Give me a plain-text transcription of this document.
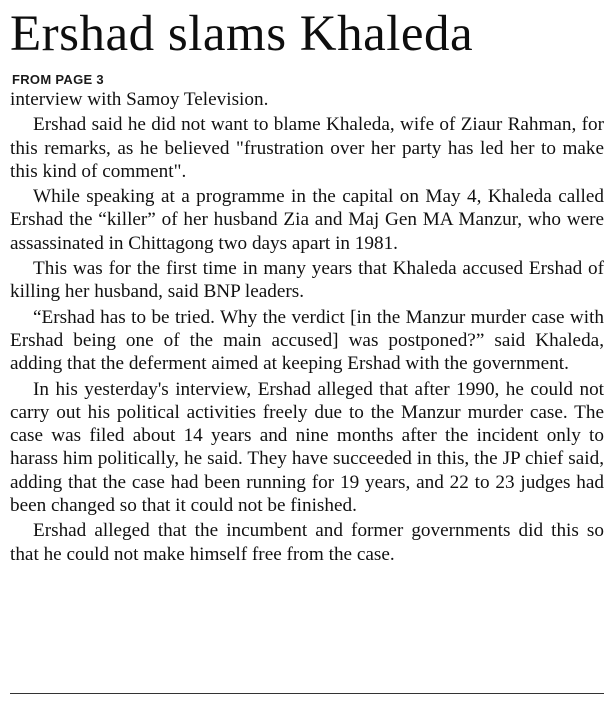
Ershad slams Khaleda
FROM PAGE 3

interview with Samoy Television.

Ershad said he did not want to blame Khaleda, wife of Ziaur Rahman, for this remarks, as he believed "frustration over her party has led her to make this kind of comment".

While speaking at a programme in the capital on May 4, Khaleda called Ershad the “killer” of her husband Zia and Maj Gen MA Manzur, who were assassinated in Chittagong two days apart in 1981.

This was for the first time in many years that Khaleda accused Ershad of killing her husband, said BNP leaders.

“Ershad has to be tried. Why the verdict [in the Manzur murder case with Ershad being one of the main accused] was postponed?” said Khaleda, adding that the deferment aimed at keeping Ershad with the government.

In his yesterday's interview, Ershad alleged that after 1990, he could not carry out his political activities freely due to the Manzur murder case. The case was filed about 14 years and nine months after the incident only to harass him politically, he said. They have succeeded in this, the JP chief said, adding that the case had been running for 19 years, and 22 to 23 judges had been changed so that it could not be finished.

Ershad alleged that the incumbent and former governments did this so that he could not make himself free from the case.
